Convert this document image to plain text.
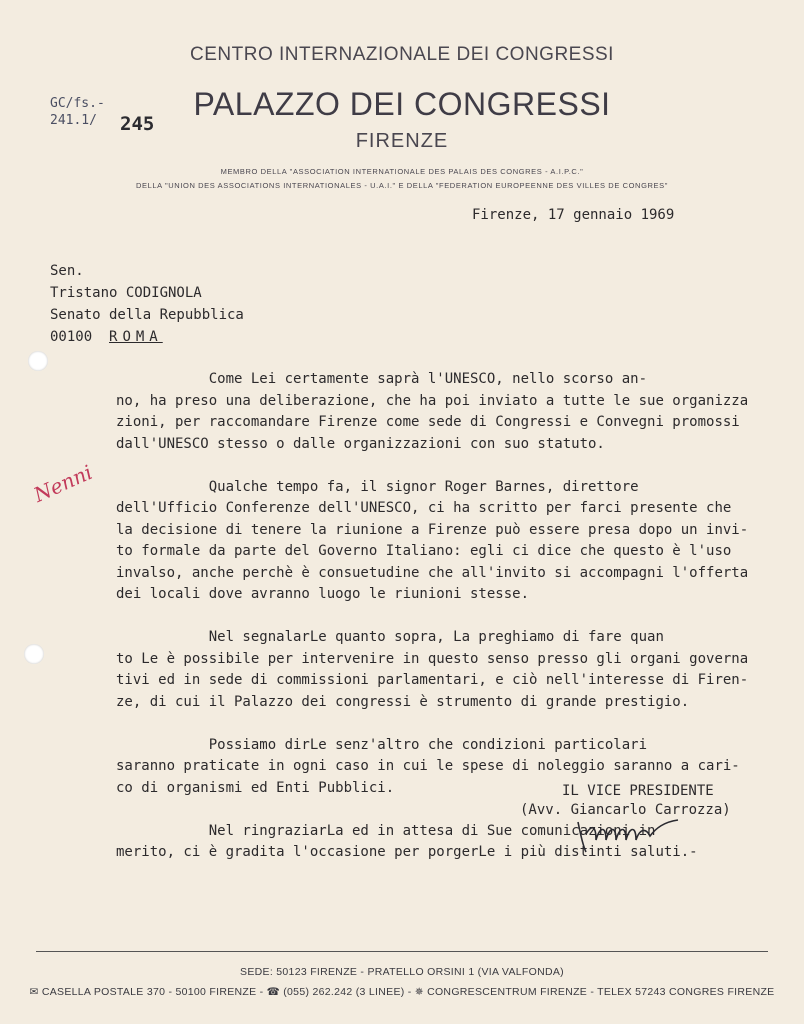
CENTRO INTERNAZIONALE DEI CONGRESSI
PALAZZO DEI CONGRESSI
FIRENZE
MEMBRO DELLA "ASSOCIATION INTERNATIONALE DES PALAIS DES CONGRES - A.I.P.C."
DELLA "UNION DES ASSOCIATIONS INTERNATIONALES - U.A.I." E DELLA "FEDERATION EUROPEENNE DES VILLES DE CONGRES"
GC/fs.-
241.1/ 245
Firenze, 17 gennaio 1969
Sen.
Tristano CODIGNOLA
Senato della Repubblica
00100 ROMA
Nenni
Come Lei certamente saprà l'UNESCO, nello scorso an-
no, ha preso una deliberazione, che ha poi inviato a tutte le sue organizza
zioni, per raccomandare Firenze come sede di Congressi e Convegni promossi
dall'UNESCO stesso o dalle organizzazioni con suo statuto.
Qualche tempo fa, il signor Roger Barnes, direttore
dell'Ufficio Conferenze dell'UNESCO, ci ha scritto per farci presente che
la decisione di tenere la riunione a Firenze può essere presa dopo un invi-
to formale da parte del Governo Italiano: egli ci dice che questo è l'uso
invalso, anche perchè è consuetudine che all'invito si accompagni l'offerta
dei locali dove avranno luogo le riunioni stesse.
Nel segnalarLe quanto sopra, La preghiamo di fare quan
to Le è possibile per intervenire in questo senso presso gli organi governa
tivi ed in sede di commissioni parlamentari, e ciò nell'interesse di Firen-
ze, di cui il Palazzo dei congressi è strumento di grande prestigio.
Possiamo dirLe senz'altro che condizioni particolari
saranno praticate in ogni caso in cui le spese di noleggio saranno a cari-
co di organismi ed Enti Pubblici.
Nel ringraziarLa ed in attesa di Sue comunicazioni in
merito, ci è gradita l'occasione per porgerLe i più distinti saluti.-
IL VICE PRESIDENTE
(Avv. Giancarlo Carrozza)
SEDE: 50123 FIRENZE - PRATELLO ORSINI 1 (VIA VALFONDA)
✉ CASELLA POSTALE 370 - 50100 FIRENZE - ☎ (055) 262.242 (3 LINEE) - ✵ CONGRESCENTRUM FIRENZE - TELEX 57243 CONGRES FIRENZE
